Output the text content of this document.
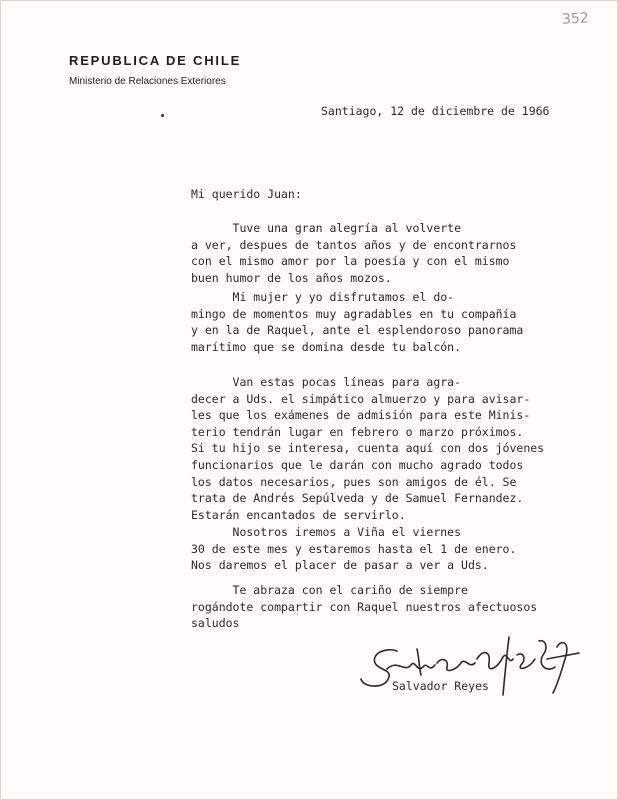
352
REPUBLICA DE CHILE
Ministerio de Relaciones Exteriores
Santiago, 12 de diciembre de 1966
Mi querido Juan:
Tuve una gran alegría al volverte
a ver, despues de tantos años y de encontrarnos
con el mismo amor por la poesía y con el mismo
buen humor de los años mozos.
Mi mujer y yo disfrutamos el do-
mingo de momentos muy agradables en tu compañía
y en la de Raquel, ante el esplendoroso panorama
marítimo que se domina desde tu balcón.
Van estas pocas líneas para agra-
decer a Uds. el simpático almuerzo y para avisar-
les que los exámenes de admisión para este Minis-
terio tendrán lugar en febrero o marzo próximos.
Si tu hijo se interesa, cuenta aquí con dos jóvenes
funcionarios que le darán con mucho agrado todos
los datos necesarios, pues son amigos de él. Se
trata de Andrés Sepúlveda y de Samuel Fernandez.
Estarán encantados de servirlo.
Nosotros iremos a Viña el viernes
30 de este mes y estaremos hasta el 1 de enero.
Nos daremos el placer de pasar a ver a Uds.
Te abraza con el cariño de siempre
rogándote compartir con Raquel nuestros afectuosos
saludos
Salvador Reyes
